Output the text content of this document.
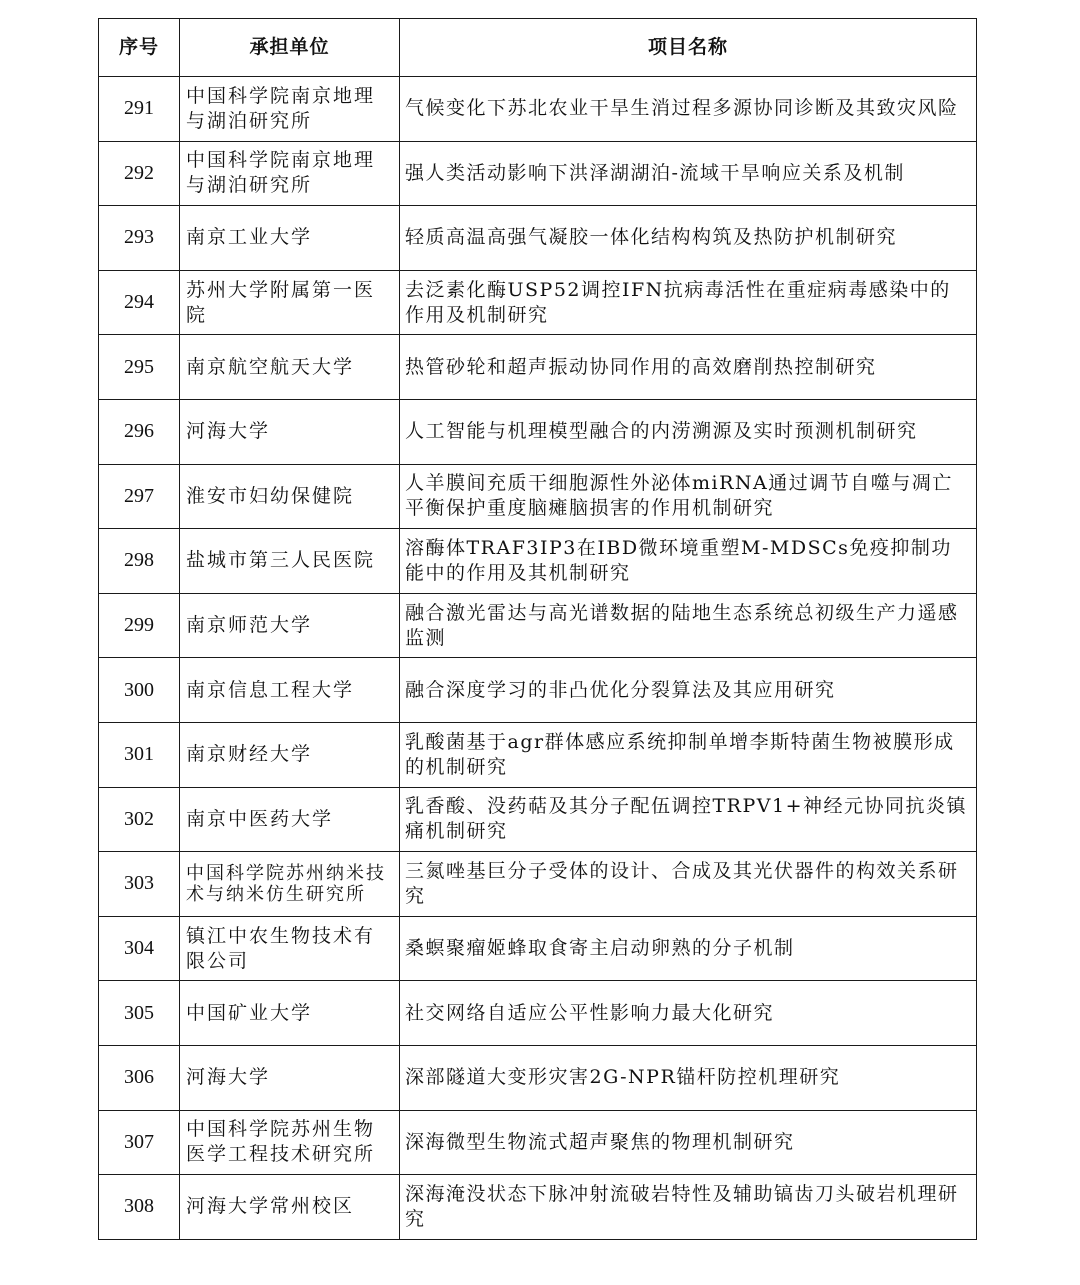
序号	承担单位	项目名称
291	中国科学院南京地理与湖泊研究所	气候变化下苏北农业干旱生消过程多源协同诊断及其致灾风险
292	中国科学院南京地理与湖泊研究所	强人类活动影响下洪泽湖湖泊-流域干旱响应关系及机制
293	南京工业大学	轻质高温高强气凝胶一体化结构构筑及热防护机制研究
294	苏州大学附属第一医院	去泛素化酶USP52调控IFN抗病毒活性在重症病毒感染中的作用及机制研究
295	南京航空航天大学	热管砂轮和超声振动协同作用的高效磨削热控制研究
296	河海大学	人工智能与机理模型融合的内涝溯源及实时预测机制研究
297	淮安市妇幼保健院	人羊膜间充质干细胞源性外泌体miRNA通过调节自噬与凋亡平衡保护重度脑瘫脑损害的作用机制研究
298	盐城市第三人民医院	溶酶体TRAF3IP3在IBD微环境重塑M-MDSCs免疫抑制功能中的作用及其机制研究
299	南京师范大学	融合激光雷达与高光谱数据的陆地生态系统总初级生产力遥感监测
300	南京信息工程大学	融合深度学习的非凸优化分裂算法及其应用研究
301	南京财经大学	乳酸菌基于agr群体感应系统抑制单增李斯特菌生物被膜形成的机制研究
302	南京中医药大学	乳香酸、没药萜及其分子配伍调控TRPV1+神经元协同抗炎镇痛机制研究
303	中国科学院苏州纳米技术与纳米仿生研究所	三氮唑基巨分子受体的设计、合成及其光伏器件的构效关系研究
304	镇江中农生物技术有限公司	桑螟聚瘤姬蜂取食寄主启动卵熟的分子机制
305	中国矿业大学	社交网络自适应公平性影响力最大化研究
306	河海大学	深部隧道大变形灾害2G-NPR锚杆防控机理研究
307	中国科学院苏州生物医学工程技术研究所	深海微型生物流式超声聚焦的物理机制研究
308	河海大学常州校区	深海淹没状态下脉冲射流破岩特性及辅助镐齿刀头破岩机理研究
